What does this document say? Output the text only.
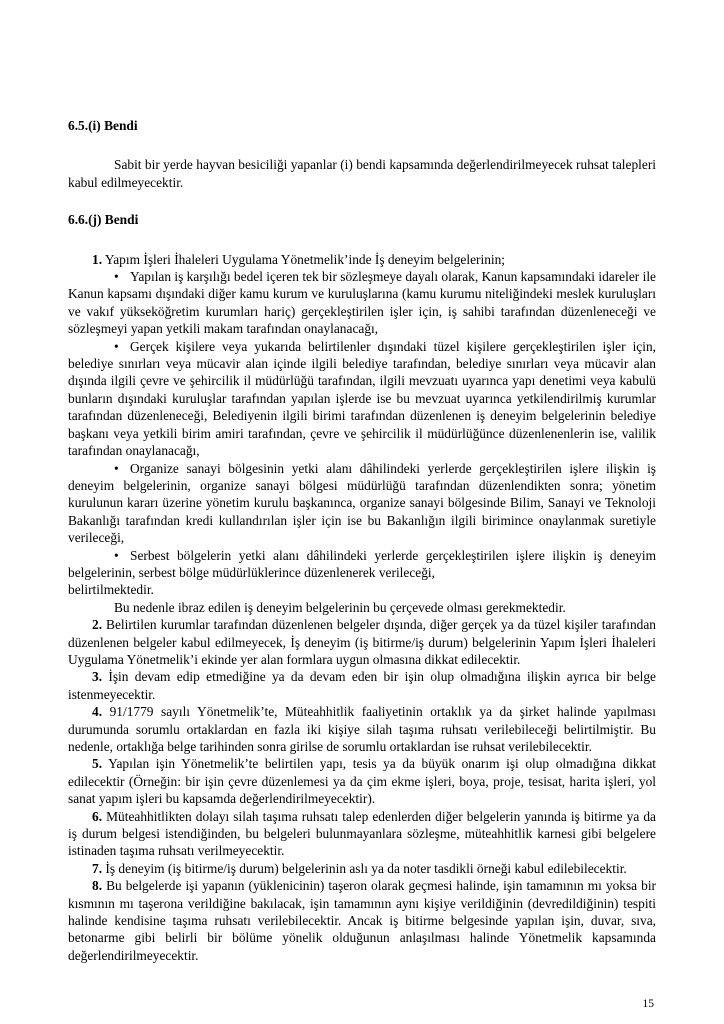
6.5.(i) Bendi

Sabit bir yerde hayvan besiciliği yapanlar (i) bendi kapsamında değerlendirilmeyecek ruhsat talepleri kabul edilmeyecektir.

6.6.(j) Bendi

1. Yapım İşleri İhaleleri Uygulama Yönetmelik’inde İş deneyim belgelerinin;

• Yapılan iş karşılığı bedel içeren tek bir sözleşmeye dayalı olarak, Kanun kapsamındaki idareler ile Kanun kapsamı dışındaki diğer kamu kurum ve kuruluşlarına (kamu kurumu niteliğindeki meslek kuruluşları ve vakıf yükseköğretim kurumları hariç) gerçekleştirilen işler için, iş sahibi tarafından düzenleneceği ve sözleşmeyi yapan yetkili makam tarafından onaylanacağı,

• Gerçek kişilere veya yukarıda belirtilenler dışındaki tüzel kişilere gerçekleştirilen işler için, belediye sınırları veya mücavir alan içinde ilgili belediye tarafından, belediye sınırları veya mücavir alan dışında ilgili çevre ve şehircilik il müdürlüğü tarafından, ilgili mevzuatı uyarınca yapı denetimi veya kabulü bunların dışındaki kuruluşlar tarafından yapılan işlerde ise bu mevzuat uyarınca yetkilendirilmiş kurumlar tarafından düzenleneceği, Belediyenin ilgili birimi tarafından düzenlenen iş deneyim belgelerinin belediye başkanı veya yetkili birim amiri tarafından, çevre ve şehircilik il müdürlüğünce düzenlenenlerin ise, valilik tarafından onaylanacağı,

• Organize sanayi bölgesinin yetki alanı dâhilindeki yerlerde gerçekleştirilen işlere ilişkin iş deneyim belgelerinin, organize sanayi bölgesi müdürlüğü tarafından düzenlendikten sonra; yönetim kurulunun kararı üzerine yönetim kurulu başkanınca, organize sanayi bölgesinde Bilim, Sanayi ve Teknoloji Bakanlığı tarafından kredi kullandırılan işler için ise bu Bakanlığın ilgili birimince onaylanmak suretiyle verileceği,

• Serbest bölgelerin yetki alanı dâhilindeki yerlerde gerçekleştirilen işlere ilişkin iş deneyim belgelerinin, serbest bölge müdürlüklerince düzenlenerek verileceği,

belirtilmektedir.

Bu nedenle ibraz edilen iş deneyim belgelerinin bu çerçevede olması gerekmektedir.

2. Belirtilen kurumlar tarafından düzenlenen belgeler dışında, diğer gerçek ya da tüzel kişiler tarafından düzenlenen belgeler kabul edilmeyecek, İş deneyim (iş bitirme/iş durum) belgelerinin Yapım İşleri İhaleleri Uygulama Yönetmelik’i ekinde yer alan formlara uygun olmasına dikkat edilecektir.

3. İşin devam edip etmediğine ya da devam eden bir işin olup olmadığına ilişkin ayrıca bir belge istenmeyecektir.

4. 91/1779 sayılı Yönetmelik’te, Müteahhitlik faaliyetinin ortaklık ya da şirket halinde yapılması durumunda sorumlu ortaklardan en fazla iki kişiye silah taşıma ruhsatı verilebileceği belirtilmiştir. Bu nedenle, ortaklığa belge tarihinden sonra girilse de sorumlu ortaklardan ise ruhsat verilebilecektir.

5. Yapılan işin Yönetmelik’te belirtilen yapı, tesis ya da büyük onarım işi olup olmadığına dikkat edilecektir (Örneğin: bir işin çevre düzenlemesi ya da çim ekme işleri, boya, proje, tesisat, harita işleri, yol sanat yapım işleri bu kapsamda değerlendirilmeyecektir).

6. Müteahhitlikten dolayı silah taşıma ruhsatı talep edenlerden diğer belgelerin yanında iş bitirme ya da iş durum belgesi istendiğinden, bu belgeleri bulunmayanlara sözleşme, müteahhitlik karnesi gibi belgelere istinaden taşıma ruhsatı verilmeyecektir.

7. İş deneyim (iş bitirme/iş durum) belgelerinin aslı ya da noter tasdikli örneği kabul edilebilecektir.

8. Bu belgelerde işi yapanın (yüklenicinin) taşeron olarak geçmesi halinde, işin tamamının mı yoksa bir kısmının mı taşerona verildiğine bakılacak, işin tamamının aynı kişiye verildiğinin (devredildiğinin) tespiti halinde kendisine taşıma ruhsatı verilebilecektir. Ancak iş bitirme belgesinde yapılan işin, duvar, sıva, betonarme gibi belirli bir bölüme yönelik olduğunun anlaşılması halinde Yönetmelik kapsamında değerlendirilmeyecektir.

15
